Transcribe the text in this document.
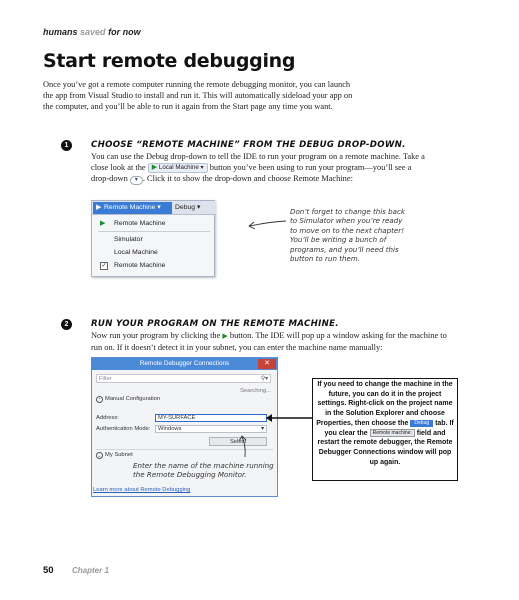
humans saved for now
Start remote debugging

Once you’ve got a remote computer running the remote debugging monitor, you can launch the app from Visual Studio to install and run it. This will automatically sideload your app on the computer, and you’ll be able to run it again from the Start page any time you want.

1	CHOOSE “REMOTE MACHINE” FROM THE DEBUG DROP-DOWN.
You can use the Debug drop-down to tell the IDE to run your program on a remote machine. Take a close look at the ▶ Local Machine ▾ button you’ve been using to run your program—you’ll see a drop-down ▾ . Click it to show the drop-down and choose Remote Machine:
▶ Remote Machine ▾	Debug ▾
▶ Remote Machine
Simulator
Local Machine
✓ Remote Machine
Don’t forget to change this back to Simulator when you’re ready to move on to the next chapter! You’ll be writing a bunch of programs, and you’ll need this button to run them.
2	RUN YOUR PROGRAM ON THE REMOTE MACHINE.
Now run your program by clicking the ▶ button. The IDE will pop up a window asking for the machine to run on. If it doesn’t detect it in your subnet, you can enter the machine name manually:
Remote Debugger Connections	✕
Filter	⚲▾
Searching...
⌃ Manual Configuration
Address:	MY-SURFACE
Authentication Mode:	Windows	▾
Select
⌄ My Subnet
Learn more about Remote Debugging
Enter the name of the machine running the Remote Debugging Monitor.
If you need to change the machine in the future, you can do it in the project settings. Right-click on the project name in the Solution Explorer and choose Properties, then choose the Debug tab. If you clear the Remote machine: field and restart the remote debugger, the Remote Debugger Connections window will pop up again.
50 Chapter 1
